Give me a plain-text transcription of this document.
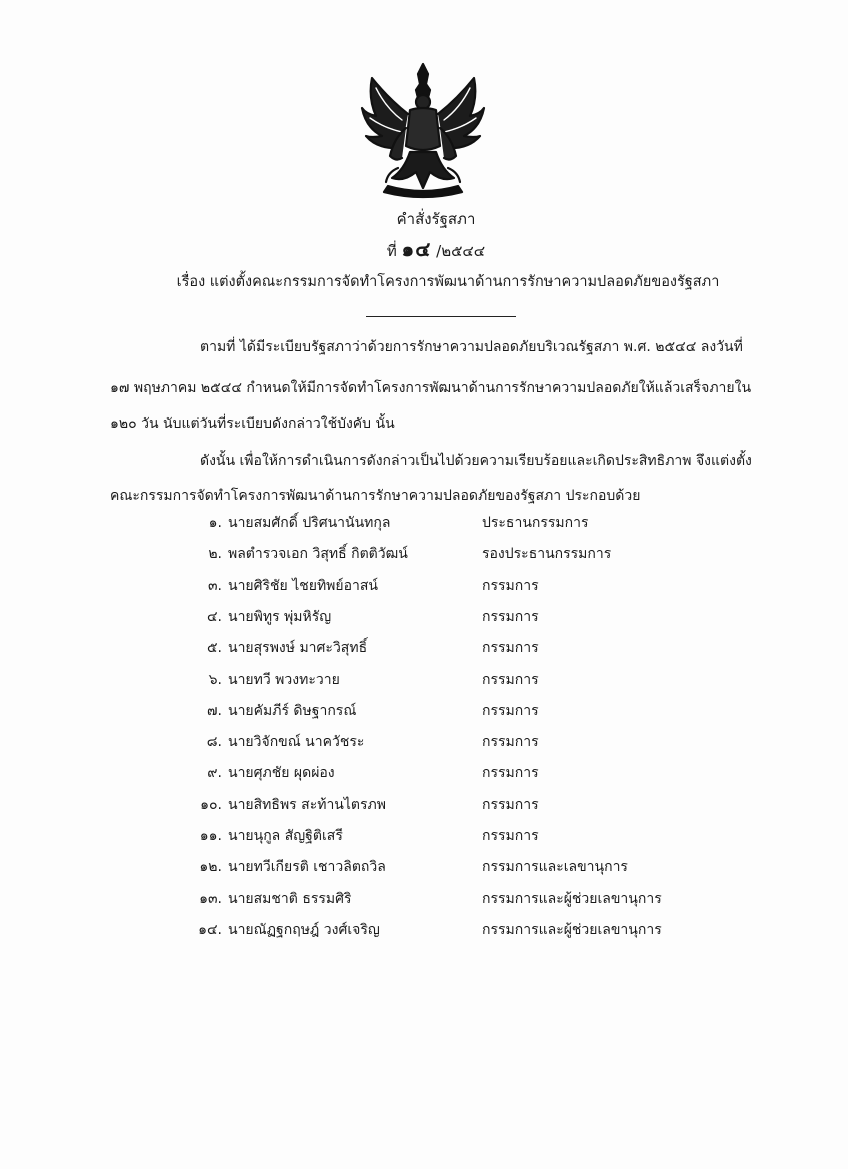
คำสั่งรัฐสภา
ที่ ๑๔ /๒๕๔๔
เรื่อง แต่งตั้งคณะกรรมการจัดทำโครงการพัฒนาด้านการรักษาความปลอดภัยของรัฐสภา
ตามที่ ได้มีระเบียบรัฐสภาว่าด้วยการรักษาความปลอดภัยบริเวณรัฐสภา พ.ศ. ๒๕๔๔ ลงวันที่
๑๗ พฤษภาคม ๒๕๔๔ กำหนดให้มีการจัดทำโครงการพัฒนาด้านการรักษาความปลอดภัยให้แล้วเสร็จภายใน
๑๒๐ วัน นับแต่วันที่ระเบียบดังกล่าวใช้บังคับ นั้น
ดังนั้น เพื่อให้การดำเนินการดังกล่าวเป็นไปด้วยความเรียบร้อยและเกิดประสิทธิภาพ จึงแต่งตั้ง
คณะกรรมการจัดทำโครงการพัฒนาด้านการรักษาความปลอดภัยของรัฐสภา ประกอบด้วย
๑. นายสมศักดิ์ ปริศนานันทกุล	ประธานกรรมการ
๒. พลตำรวจเอก วิสุทธิ์ กิตติวัฒน์	รองประธานกรรมการ
๓. นายศิริชัย ไชยทิพย์อาสน์	กรรมการ
๔. นายพิทูร พุ่มหิรัญ	กรรมการ
๕. นายสุรพงษ์ มาศะวิสุทธิ์	กรรมการ
๖. นายทวี พวงทะวาย	กรรมการ
๗. นายคัมภีร์ ดิษฐากรณ์	กรรมการ
๘. นายวิจักขณ์ นาควัชระ	กรรมการ
๙. นายศุภชัย ผุดผ่อง	กรรมการ
๑๐. นายสิทธิพร สะท้านไตรภพ	กรรมการ
๑๑. นายนุกูล สัญฐิติเสรี	กรรมการ
๑๒. นายทวีเกียรติ เชาวลิตถวิล	กรรมการและเลขานุการ
๑๓. นายสมชาติ ธรรมศิริ	กรรมการและผู้ช่วยเลขานุการ
๑๔. นายณัฏฐกฤษฎ์ วงศ์เจริญ	กรรมการและผู้ช่วยเลขานุการ
